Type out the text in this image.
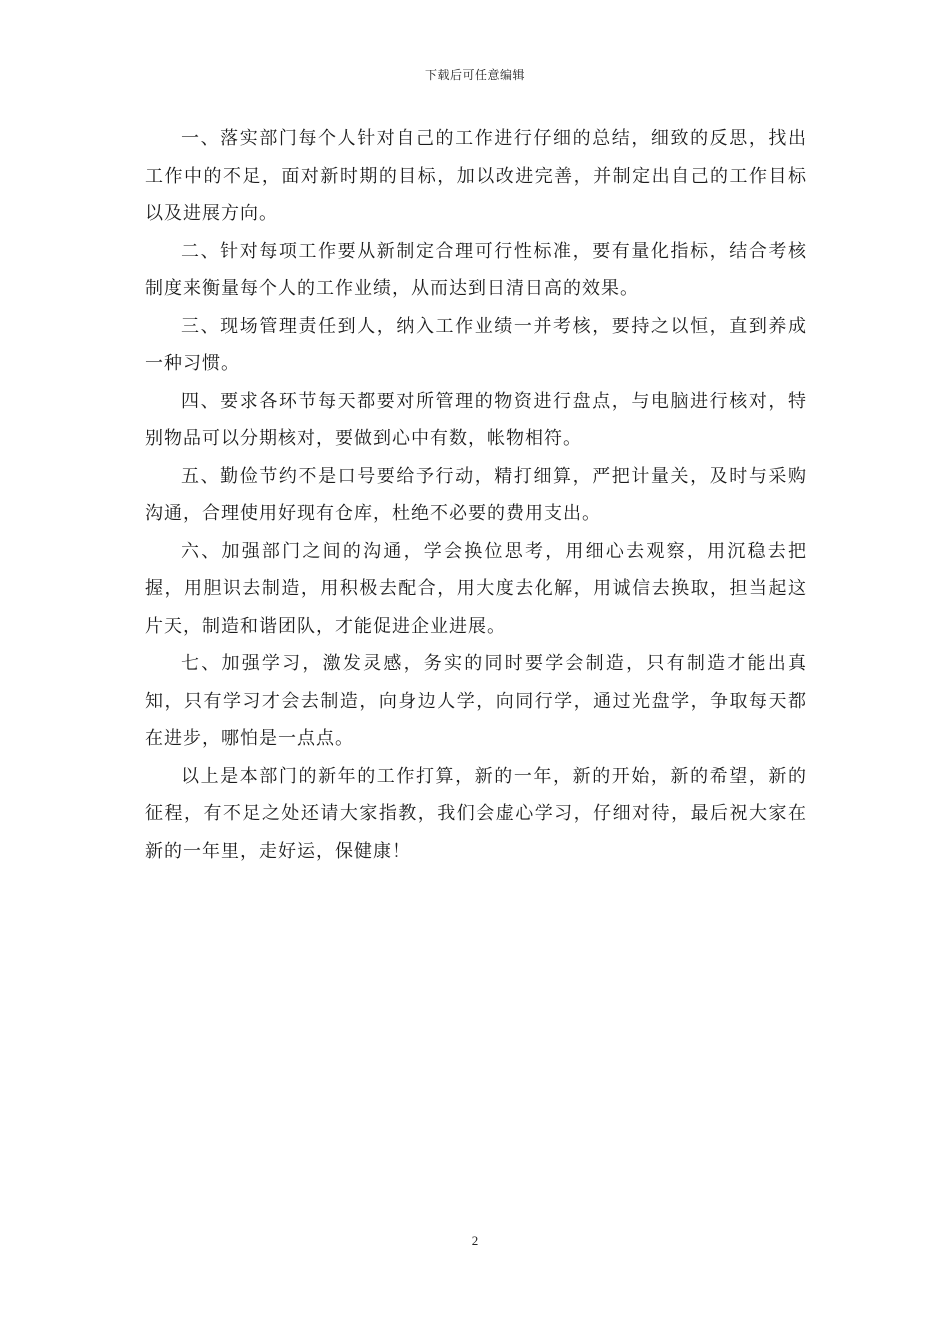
下载后可任意编辑

一、落实部门每个人针对自己的工作进行仔细的总结，细致的反思，找出工作中的不足，面对新时期的目标，加以改进完善，并制定出自己的工作目标以及进展方向。

二、针对每项工作要从新制定合理可行性标准，要有量化指标，结合考核制度来衡量每个人的工作业绩，从而达到日清日高的效果。

三、现场管理责任到人，纳入工作业绩一并考核，要持之以恒，直到养成一种习惯。

四、要求各环节每天都要对所管理的物资进行盘点，与电脑进行核对，特别物品可以分期核对，要做到心中有数，帐物相符。

五、勤俭节约不是口号要给予行动，精打细算，严把计量关，及时与采购沟通，合理使用好现有仓库，杜绝不必要的费用支出。

六、加强部门之间的沟通，学会换位思考，用细心去观察，用沉稳去把握，用胆识去制造，用积极去配合，用大度去化解，用诚信去换取，担当起这片天，制造和谐团队，才能促进企业进展。

七、加强学习，激发灵感，务实的同时要学会制造，只有制造才能出真知，只有学习才会去制造，向身边人学，向同行学，通过光盘学，争取每天都在进步，哪怕是一点点。

以上是本部门的新年的工作打算，新的一年，新的开始，新的希望，新的征程，有不足之处还请大家指教，我们会虚心学习，仔细对待，最后祝大家在新的一年里，走好运，保健康！

2
